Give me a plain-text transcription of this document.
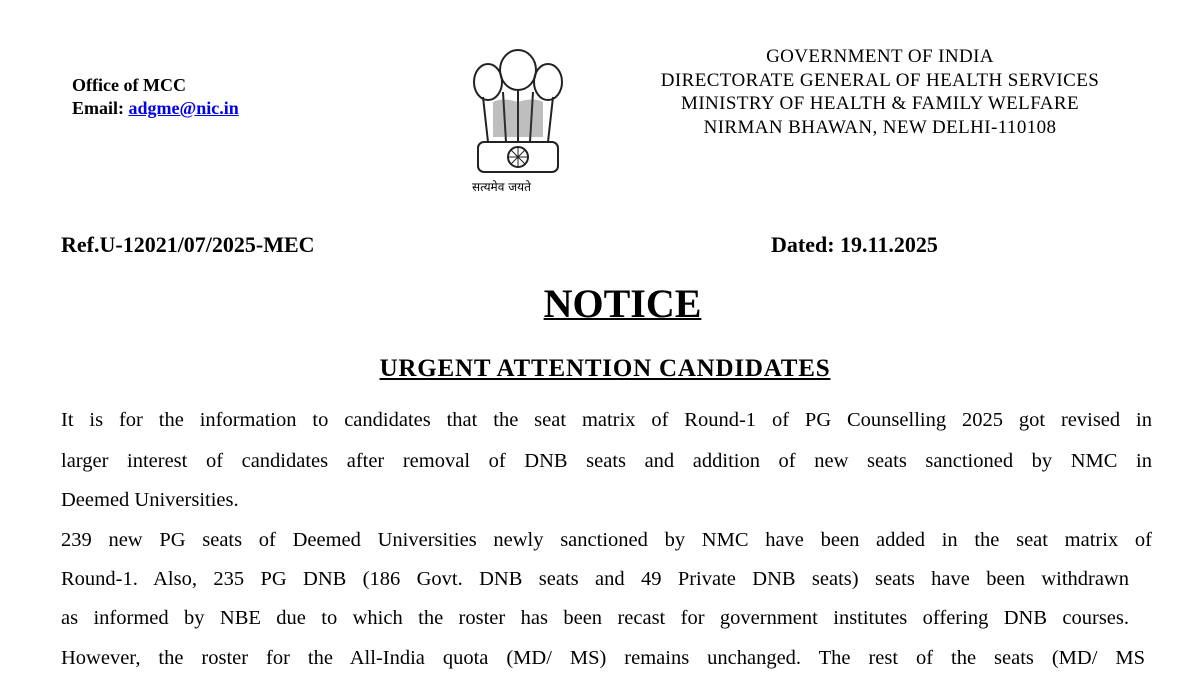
Office of MCC
Email: adgme@nic.in
सत्यमेव जयते
GOVERNMENT OF INDIA
DIRECTORATE GENERAL OF HEALTH SERVICES
MINISTRY OF HEALTH & FAMILY WELFARE
NIRMAN BHAWAN, NEW DELHI-110108
Ref.U-12021/07/2025-MEC	Dated: 19.11.2025
NOTICE
URGENT ATTENTION CANDIDATES
It is for the information to candidates that the seat matrix of Round-1 of PG Counselling 2025 got revised in
larger interest of candidates after removal of DNB seats and addition of new seats sanctioned by NMC in
Deemed Universities.
239 new PG seats of Deemed Universities newly sanctioned by NMC have been added in the seat matrix of
Round-1. Also, 235 PG DNB (186 Govt. DNB seats and 49 Private DNB seats) seats have been withdrawn
as informed by NBE due to which the roster has been recast for government institutes offering DNB courses.
However, the roster for the All-India quota (MD/ MS) remains unchanged. The rest of the seats (MD/ MS
